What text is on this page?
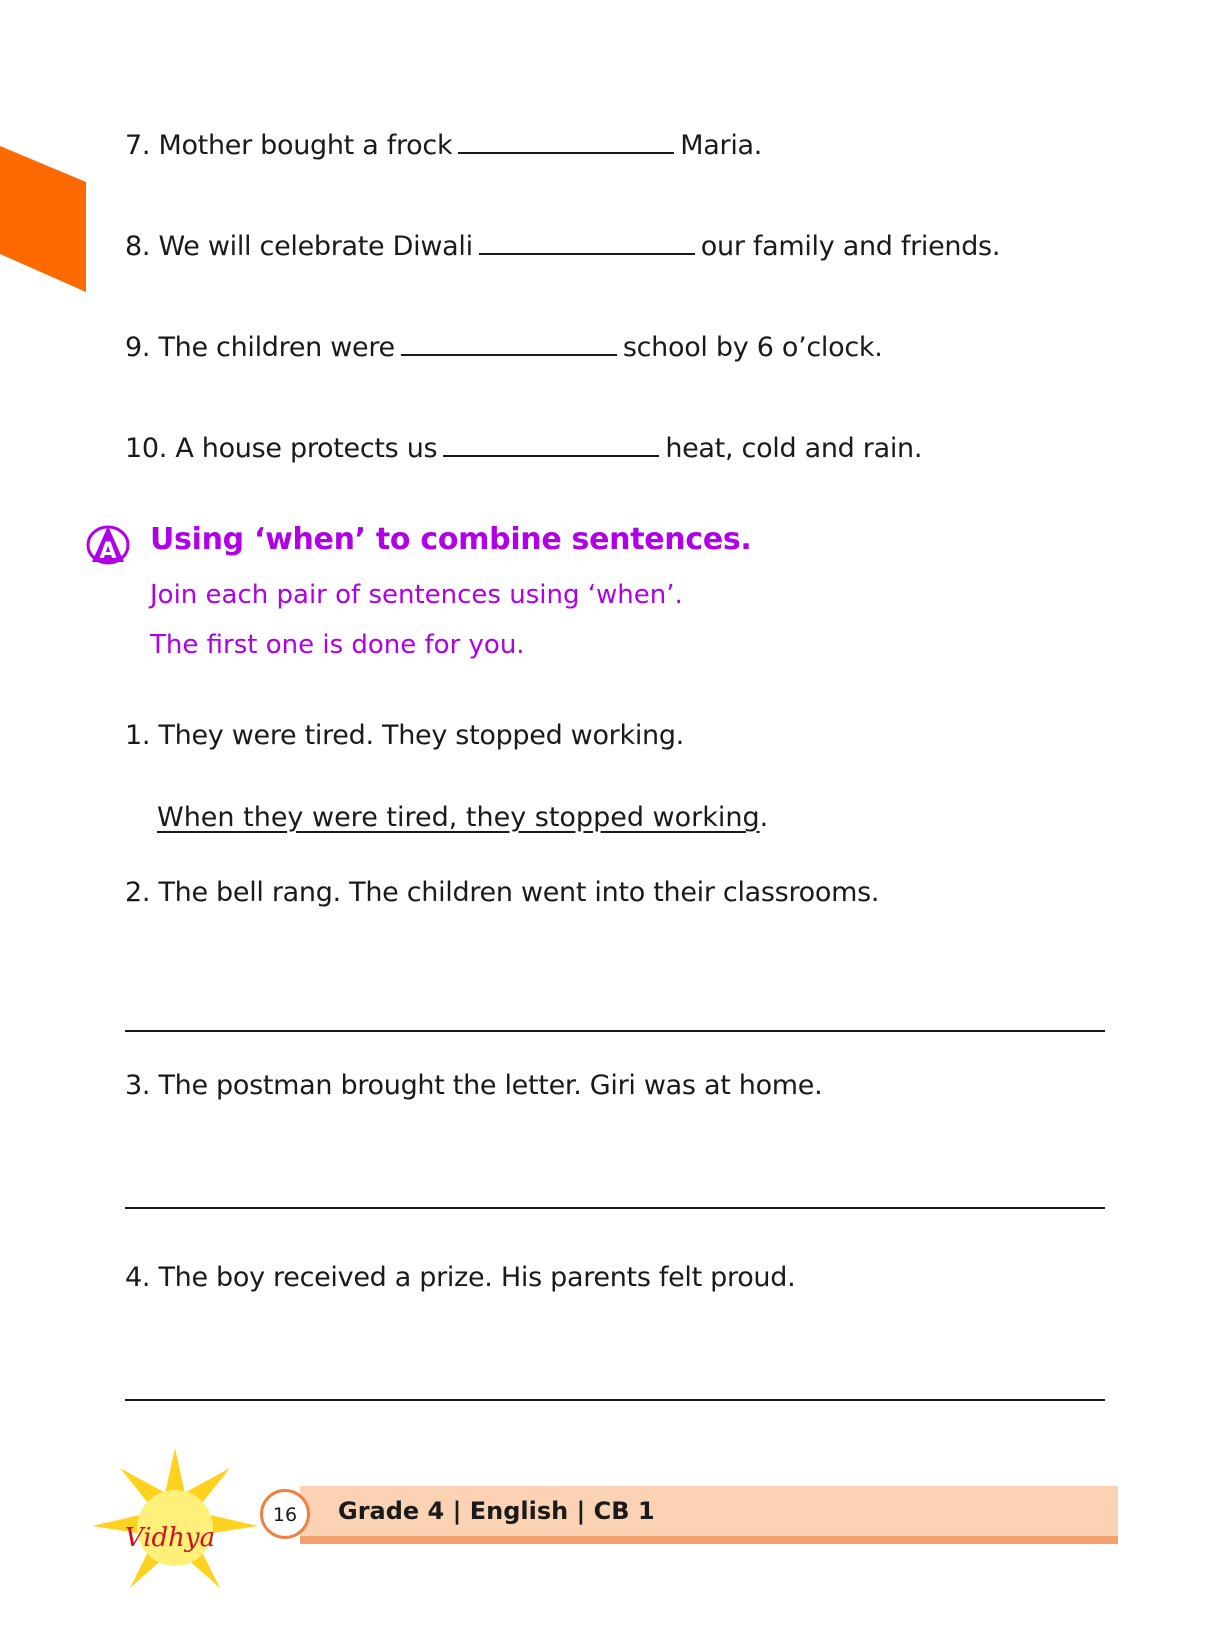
7. Mother bought a frock	Maria.
8. We will celebrate Diwali	our family and friends.
9. The children were	school by 6 o’clock.
10. A house protects us	heat, cold and rain.
A Using ‘when’ to combine sentences.
Join each pair of sentences using ‘when’.
The first one is done for you.
1. They were tired. They stopped working.
When they were tired, they stopped working.
2. The bell rang. The children went into their classrooms.
3. The postman brought the letter. Giri was at home.
4. The boy received a prize. His parents felt proud.
Grade 4 | English | CB 1
Vidhya
16
